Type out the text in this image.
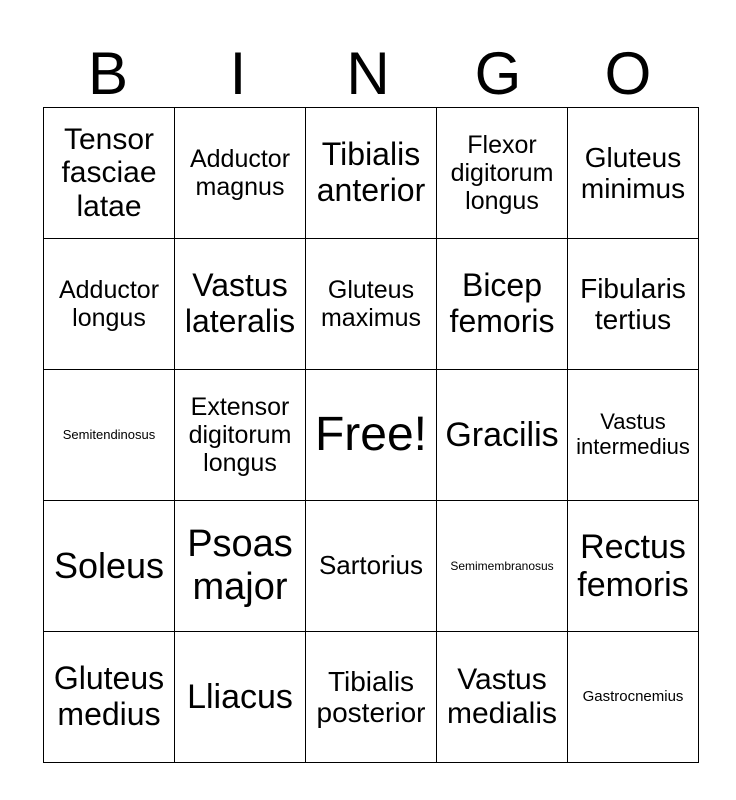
B	I	N	G	O
Tensor fasciae latae	Adductor magnus	Tibialis anterior	Flexor digitorum longus	Gluteus minimus
Adductor longus	Vastus lateralis	Gluteus maximus	Bicep femoris	Fibularis tertius
Semitendinosus	Extensor digitorum longus	Free!	Gracilis	Vastus intermedius
Soleus	Psoas major	Sartorius	Semimembranosus	Rectus femoris
Gluteus medius	Lliacus	Tibialis posterior	Vastus medialis	Gastrocnemius
